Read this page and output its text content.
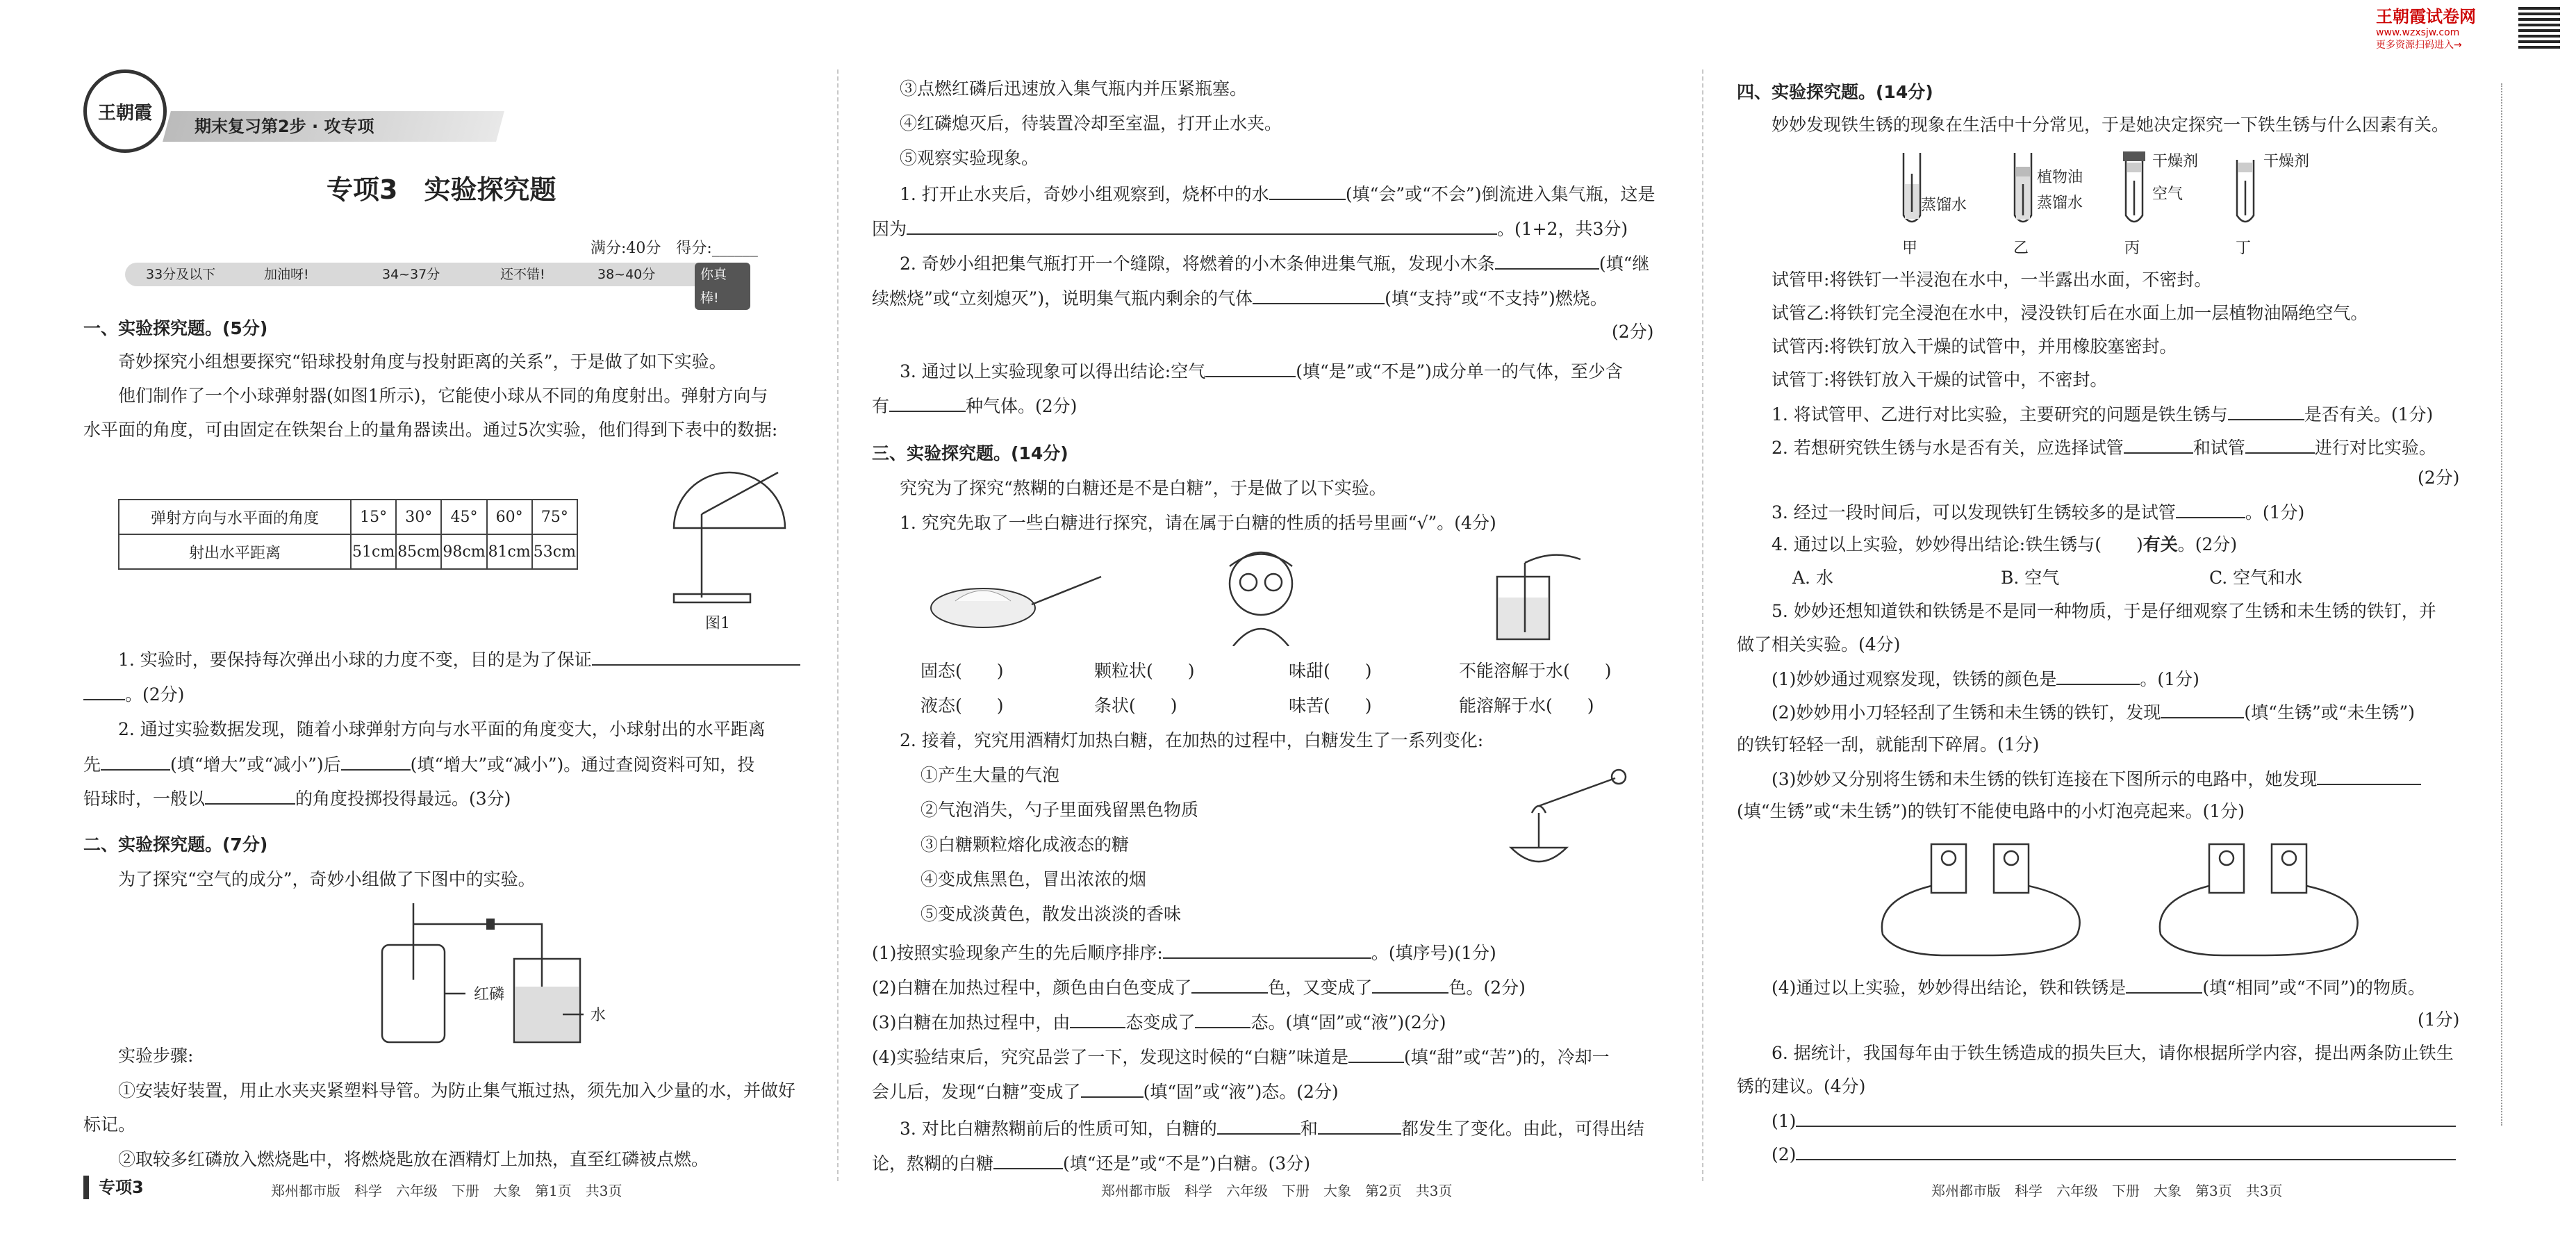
王朝霞
期末复习第2步 · 攻专项
专项3　实验探究题
满分:40分　得分:______
33分及以下	加油呀!	34~37分	还不错!	38~40分	你真棒!
一、实验探究题。(5分)
奇妙探究小组想要探究“铅球投射角度与投射距离的关系”，于是做了如下实验。
他们制作了一个小球弹射器(如图1所示)，它能使小球从不同的角度射出。弹射方向与
水平面的角度，可由固定在铁架台上的量角器读出。通过5次实验，他们得到下表中的数据:
弹射方向与水平面的角度	15°	30°	45°	60°	75°
射出水平距离	51cm	85cm	98cm	81cm	53cm
图1
1. 实验时，要保持每次弹出小球的力度不变，目的是为了保证
。(2分)
2. 通过实验数据发现，随着小球弹射方向与水平面的角度变大，小球射出的水平距离
先	(填“增大”或“减小”)后	(填“增大”或“减小”)。通过查阅资料可知，投
铅球时，一般以	的角度投掷投得最远。(3分)
二、实验探究题。(7分)
为了探究“空气的成分”，奇妙小组做了下图中的实验。
红磷
水
实验步骤:
①安装好装置，用止水夹夹紧塑料导管。为防止集气瓶过热，须先加入少量的水，并做好
标记。
②取较多红磷放入燃烧匙中，将燃烧匙放在酒精灯上加热，直至红磷被点燃。
专项3	郑州都市版　科学　六年级　下册　大象　第1页　共3页
③点燃红磷后迅速放入集气瓶内并压紧瓶塞。
④红磷熄灭后，待装置冷却至室温，打开止水夹。
⑤观察实验现象。
1. 打开止水夹后，奇妙小组观察到，烧杯中的水	(填“会”或“不会”)倒流进入集气瓶，这是
因为	。(1+2，共3分)
2. 奇妙小组把集气瓶打开一个缝隙，将燃着的小木条伸进集气瓶，发现小木条	(填“继
续燃烧”或“立刻熄灭”)，说明集气瓶内剩余的气体	(填“支持”或“不支持”)燃烧。
(2分)
3. 通过以上实验现象可以得出结论:空气	(填“是”或“不是”)成分单一的气体，至少含
有	种气体。(2分)
三、实验探究题。(14分)
究究为了探究“熬糊的白糖还是不是白糖”，于是做了以下实验。
1. 究究先取了一些白糖进行探究，请在属于白糖的性质的括号里画“√”。(4分)
固态(　　)	颗粒状(　　)	味甜(　　)	不能溶解于水(　　)
液态(　　)	条状(　　)	味苦(　　)	能溶解于水(　　)
2. 接着，究究用酒精灯加热白糖，在加热的过程中，白糖发生了一系列变化:
①产生大量的气泡
②气泡消失，勺子里面残留黑色物质
③白糖颗粒熔化成液态的糖
④变成焦黑色，冒出浓浓的烟
⑤变成淡黄色，散发出淡淡的香味
(1)按照实验现象产生的先后顺序排序:	。(填序号)(1分)
(2)白糖在加热过程中，颜色由白色变成了	色，又变成了	色。(2分)
(3)白糖在加热过程中，由	态变成了	态。(填“固”或“液”)(2分)
(4)实验结束后，究究品尝了一下，发现这时候的“白糖”味道是	(填“甜”或“苦”)的，冷却一
会儿后，发现“白糖”变成了	(填“固”或“液”)态。(2分)
3. 对比白糖熬糊前后的性质可知，白糖的	和	都发生了变化。由此，可得出结
论，熬糊的白糖	(填“还是”或“不是”)白糖。(3分)
郑州都市版　科学　六年级　下册　大象　第2页　共3页
四、实验探究题。(14分)
妙妙发现铁生锈的现象在生活中十分常见，于是她决定探究一下铁生锈与什么因素有关。
蒸馏水
植物油
蒸馏水
干燥剂
空气
干燥剂
甲	乙	丙	丁
试管甲:将铁钉一半浸泡在水中，一半露出水面，不密封。
试管乙:将铁钉完全浸泡在水中，浸没铁钉后在水面上加一层植物油隔绝空气。
试管丙:将铁钉放入干燥的试管中，并用橡胶塞密封。
试管丁:将铁钉放入干燥的试管中，不密封。
1. 将试管甲、乙进行对比实验，主要研究的问题是铁生锈与	是否有关。(1分)
2. 若想研究铁生锈与水是否有关，应选择试管	和试管	进行对比实验。
(2分)
3. 经过一段时间后，可以发现铁钉生锈较多的是试管	。(1分)
4. 通过以上实验，妙妙得出结论:铁生锈与(　　)有关。(2分)
A. 水	B. 空气	C. 空气和水
5. 妙妙还想知道铁和铁锈是不是同一种物质，于是仔细观察了生锈和未生锈的铁钉，并
做了相关实验。(4分)
(1)妙妙通过观察发现，铁锈的颜色是	。(1分)
(2)妙妙用小刀轻轻刮了生锈和未生锈的铁钉，发现	(填“生锈”或“未生锈”)
的铁钉轻轻一刮，就能刮下碎屑。(1分)
(3)妙妙又分别将生锈和未生锈的铁钉连接在下图所示的电路中，她发现
(填“生锈”或“未生锈”)的铁钉不能使电路中的小灯泡亮起来。(1分)
(4)通过以上实验，妙妙得出结论，铁和铁锈是	(填“相同”或“不同”)的物质。
(1分)
6. 据统计，我国每年由于铁生锈造成的损失巨大，请你根据所学内容，提出两条防止铁生
锈的建议。(4分)
(1)
(2)
郑州都市版　科学　六年级　下册　大象　第3页　共3页
王朝霞试卷网
www.wzxsjw.com
更多资源扫码进入→
